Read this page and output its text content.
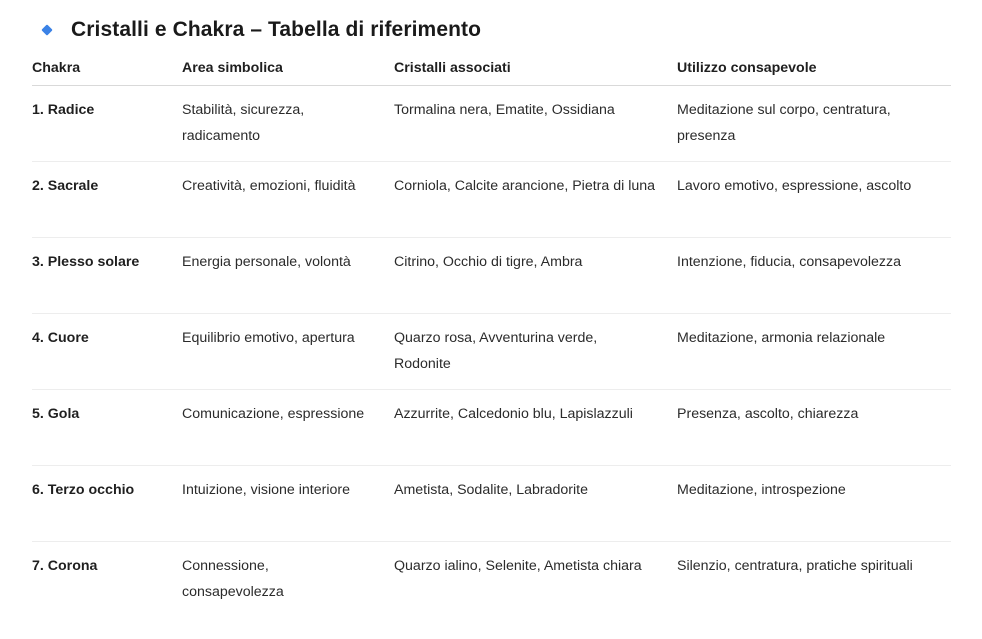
Cristalli e Chakra – Tabella di riferimento
Chakra	Area simbolica	Cristalli associati	Utilizzo consapevole

1. Radice	Stabilità, sicurezza, radicamento	Tormalina nera, Ematite, Ossidiana	Meditazione sul corpo, centratura, presenza

2. Sacrale	Creatività, emozioni, fluidità	Corniola, Calcite arancione, Pietra di luna	Lavoro emotivo, espressione, ascolto

3. Plesso solare	Energia personale, volontà	Citrino, Occhio di tigre, Ambra	Intenzione, fiducia, consapevolezza

4. Cuore	Equilibrio emotivo, apertura	Quarzo rosa, Avventurina verde, Rodonite	Meditazione, armonia relazionale

5. Gola	Comunicazione, espressione	Azzurrite, Calcedonio blu, Lapislazzuli	Presenza, ascolto, chiarezza

6. Terzo occhio	Intuizione, visione interiore	Ametista, Sodalite, Labradorite	Meditazione, introspezione

7. Corona	Connessione, consapevolezza	Quarzo ialino, Selenite, Ametista chiara	Silenzio, centratura, pratiche spirituali
